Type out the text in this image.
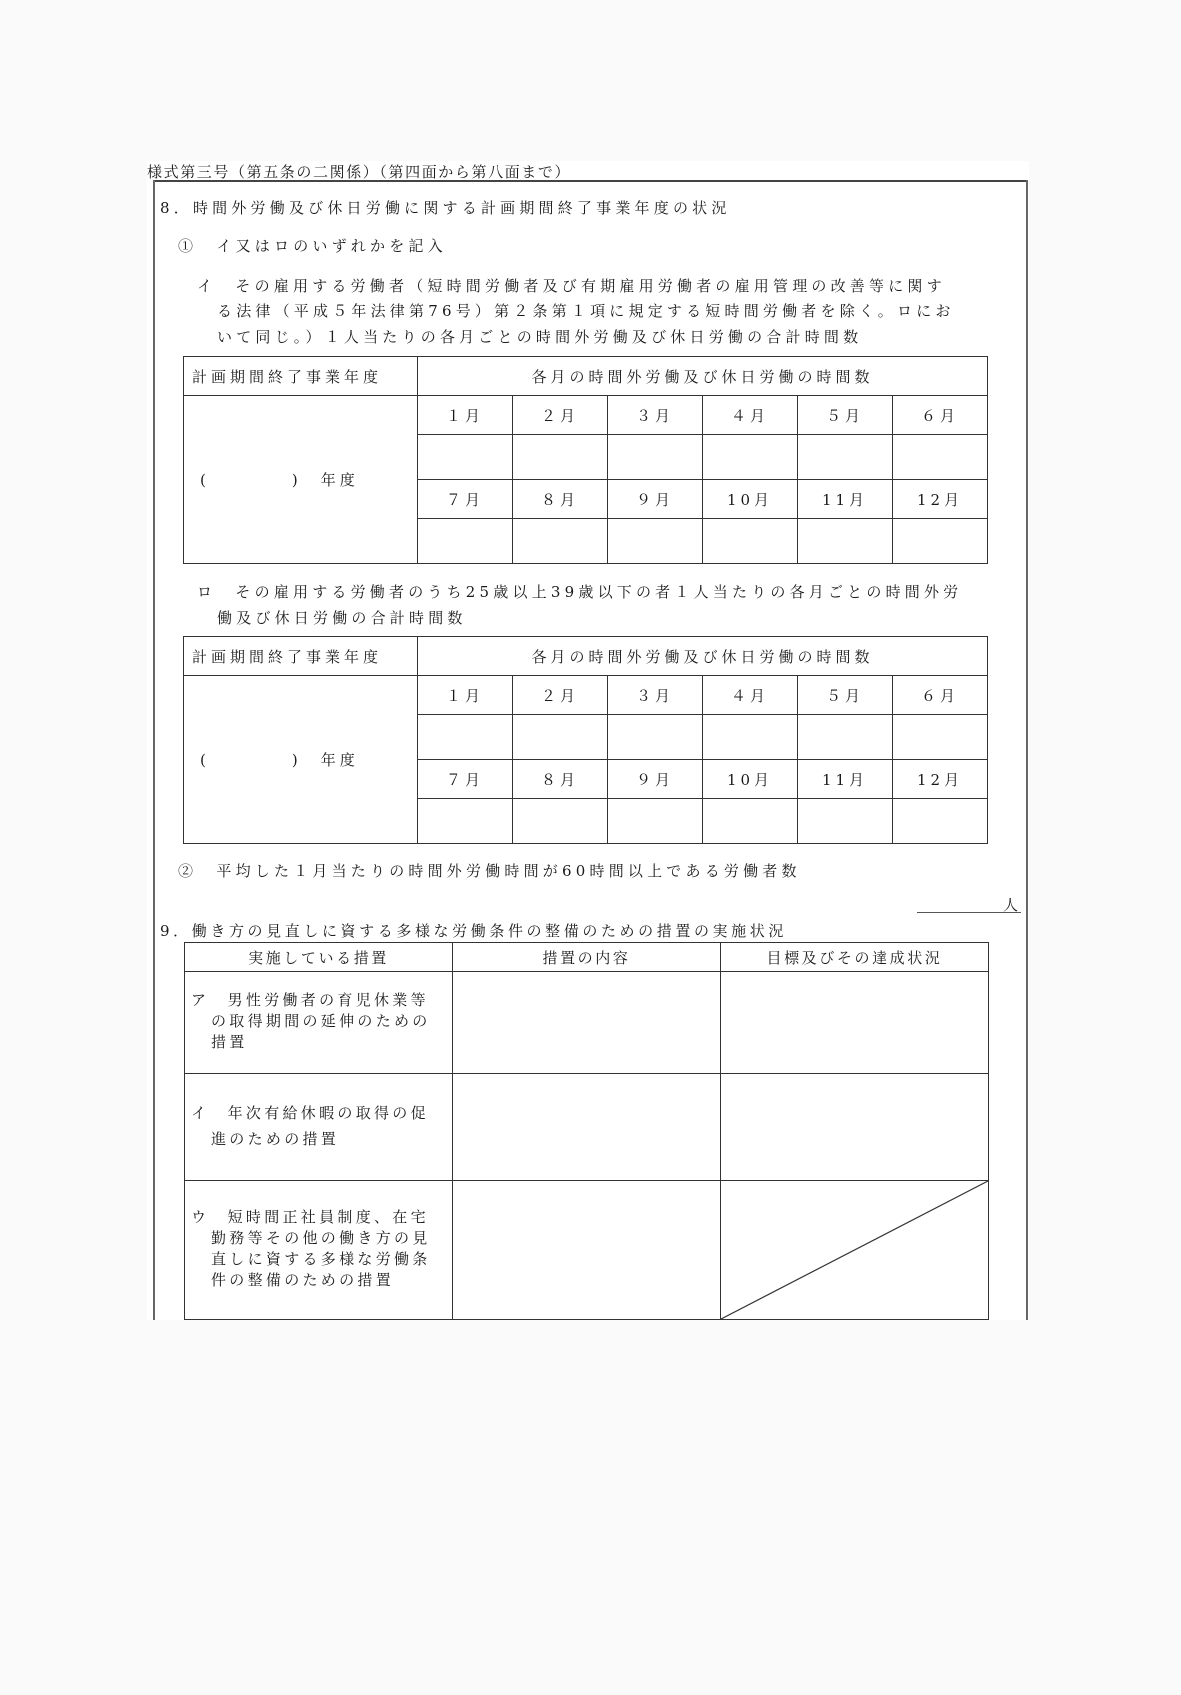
様式第三号（第五条の二関係）（第四面から第八面まで）
8．時間外労働及び休日労働に関する計画期間終了事業年度の状況
①　イ又はロのいずれかを記入
イ　その雇用する労働者（短時間労働者及び有期雇用労働者の雇用管理の改善等に関す
る法律（平成５年法律第76号）第２条第１項に規定する短時間労働者を除く。ロにお
いて同じ。）１人当たりの各月ごとの時間外労働及び休日労働の合計時間数
計画期間終了事業年度	各月の時間外労働及び休日労働の時間数					
( )　年度	１月	２月	３月	４月	５月	６月

	７月	８月	９月	10月	11月	12月

ロ　その雇用する労働者のうち25歳以上39歳以下の者１人当たりの各月ごとの時間外労
働及び休日労働の合計時間数
計画期間終了事業年度	各月の時間外労働及び休日労働の時間数					
( )　年度	１月	２月	３月	４月	５月	６月

	７月	８月	９月	10月	11月	12月

②　平均した１月当たりの時間外労働時間が60時間以上である労働者数
人
9．働き方の見直しに資する多様な労働条件の整備のための措置の実施状況
実施している措置	措置の内容	目標及びその達成状況

ア　男性労働者の育児休業等
の取得期間の延伸のための
措置		

イ　年次有給休暇の取得の促
進のための措置		

ウ　短時間正社員制度、在宅
勤務等その他の働き方の見
直しに資する多様な労働条
件の整備のための措置
